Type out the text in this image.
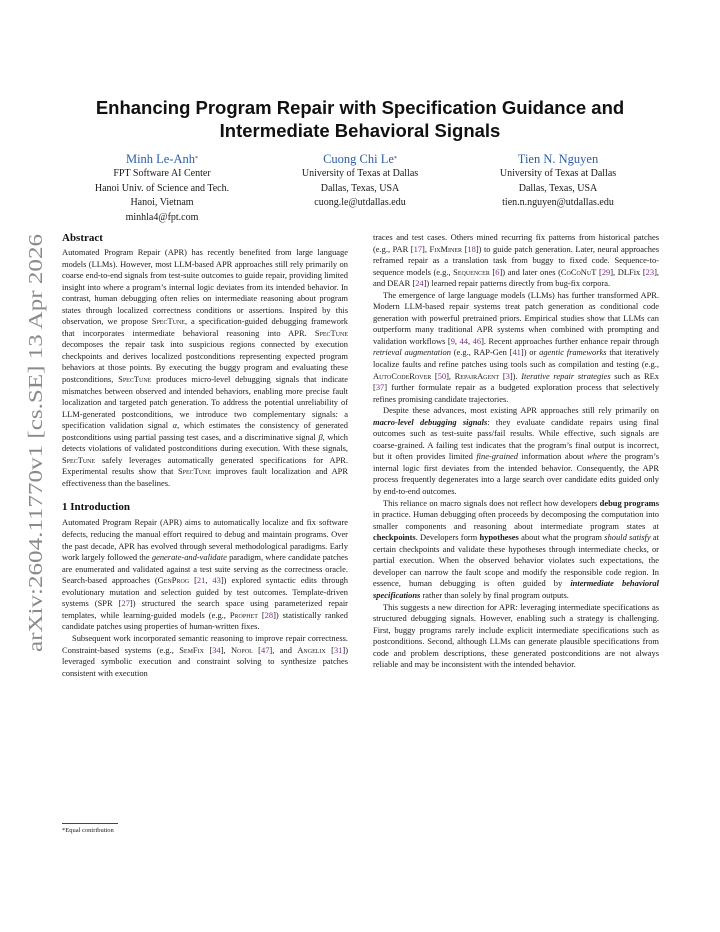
arXiv:2604.11770v1 [cs.SE] 13 Apr 2026
Enhancing Program Repair with Specification Guidance and
Intermediate Behavioral Signals
Minh Le-Anh*
FPT Software AI Center
Hanoi Univ. of Science and Tech.
Hanoi, Vietnam
minhla4@fpt.com
Cuong Chi Le*
University of Texas at Dallas
Dallas, Texas, USA
cuong.le@utdallas.edu
Tien N. Nguyen
University of Texas at Dallas
Dallas, Texas, USA
tien.n.nguyen@utdallas.edu
Abstract

Automated Program Repair (APR) has recently benefited from large language models (LLMs). However, most LLM-based APR approaches still rely primarily on coarse end-to-end signals from test-suite outcomes to guide repair, providing limited insight into where a program’s internal logic deviates from its intended behavior. In contrast, human debugging often relies on intermediate reasoning about program states through localized correctness conditions or assertions. Inspired by this observation, we propose SpecTune, a specification-guided debugging framework that incorporates intermediate behavioral reasoning into APR. SpecTune decomposes the repair task into suspicious regions connected by execution checkpoints and derives localized postconditions representing expected program behaviors at those points. By executing the buggy program and evaluating these postconditions, SpecTune produces micro-level debugging signals that indicate mismatches between observed and intended behaviors, enabling more precise fault localization and targeted patch generation. To address the potential unreliability of LLM-generated postconditions, we introduce two complementary signals: a specification validation signal α, which estimates the consistency of generated postconditions using partial passing test cases, and a discriminative signal β, which detects violations of validated postconditions during execution. With these signals, SpecTune safely leverages automatically generated specifications for APR. Experimental results show that SpecTune improves fault localization and APR effectiveness than the baselines.

1 Introduction

Automated Program Repair (APR) aims to automatically localize and fix software defects, reducing the manual effort required to debug and maintain programs. Over the past decade, APR has evolved through several methodological paradigms. Early work largely followed the generate-and-validate paradigm, where candidate patches are enumerated and validated against a test suite serving as the correctness oracle. Search-based approaches (GenProg [21, 43]) explored syntactic edits through evolutionary mutation and selection guided by test outcomes. Template-driven systems (SPR [27]) structured the search space using parameterized repair templates, while learning-guided models (e.g., Prophet [28]) statistically ranked candidate patches using properties of human-written fixes.

Subsequent work incorporated semantic reasoning to improve repair correctness. Constraint-based systems (e.g., SemFix [34], Nopol [47], and Angelix [31]) leveraged symbolic execution and constraint solving to synthesize patches consistent with execution

traces and test cases. Others mined recurring fix patterns from historical patches (e.g., PAR [17], FixMiner [18]) to guide patch generation. Later, neural approaches reframed repair as a translation task from buggy to fixed code. Sequence-to-sequence models (e.g., Sequencer [6]) and later ones (CoCoNuT [29], DLFix [23], and DEAR [24]) learned repair patterns directly from bug-fix corpora.

The emergence of large language models (LLMs) has further transformed APR. Modern LLM-based repair systems treat patch generation as conditional code generation with powerful pretrained priors. Empirical studies show that LLMs can outperform many traditional APR systems when combined with prompting and validation workflows [9, 44, 46]. Recent approaches further enhance repair through retrieval augmentation (e.g., RAP-Gen [41]) or agentic frameworks that iteratively localize faults and refine patches using tools such as compilation and testing (e.g., AutoCodeRover [50], RepairAgent [3]). Iterative repair strategies such as REx [37] further formulate repair as a budgeted exploration process that selectively refines promising candidate trajectories.

Despite these advances, most existing APR approaches still rely primarily on macro-level debugging signals: they evaluate candidate repairs using final outcomes such as test-suite pass/fail results. While effective, such signals are coarse-grained. A failing test indicates that the program’s final output is incorrect, but it often provides limited fine-grained information about where the program’s internal logic first deviates from the intended behavior. Consequently, the APR process frequently degenerates into a large search over candidate edits guided only by end-to-end outcomes.

This reliance on macro signals does not reflect how developers debug programs in practice. Human debugging often proceeds by decomposing the computation into smaller components and reasoning about intermediate program states at checkpoints. Developers form hypotheses about what the program should satisfy at certain checkpoints and validate these hypotheses through intermediate checks, or partial execution. When the observed behavior violates such expectations, the developer can narrow the fault scope and modify the responsible code region. In essence, human debugging is often guided by intermediate behavioral specifications rather than solely by final program outputs.

This suggests a new direction for APR: leveraging intermediate specifications as structured debugging signals. However, enabling such a strategy is challenging. First, buggy programs rarely include explicit intermediate specifications such as postconditions. Second, although LLMs can generate plausible specifications from code and problem descriptions, these generated postconditions are not always reliable and may be inconsistent with the intended behavior.

*Equal contribution
